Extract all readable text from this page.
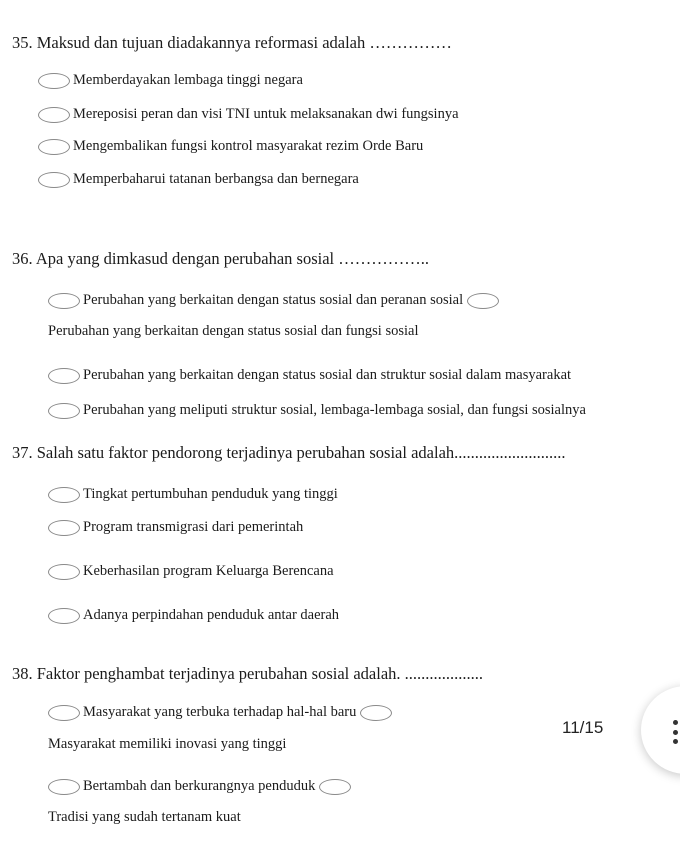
35. Maksud dan tujuan diadakannya reformasi adalah ……………
Memberdayakan lembaga tinggi negara
Mereposisi peran dan visi TNI untuk melaksanakan dwi fungsinya
Mengembalikan fungsi kontrol masyarakat rezim Orde Baru
Memperbaharui tatanan berbangsa dan bernegara
36. Apa yang dimkasud dengan perubahan sosial ……………..
Perubahan yang berkaitan dengan status sosial dan peranan sosial
Perubahan yang berkaitan dengan status sosial dan fungsi sosial
Perubahan yang berkaitan dengan status sosial dan struktur sosial dalam masyarakat
Perubahan yang meliputi struktur sosial, lembaga-lembaga sosial, dan fungsi sosialnya
37. Salah satu faktor pendorong terjadinya perubahan sosial adalah...........................
Tingkat pertumbuhan penduduk yang tinggi
Program transmigrasi dari pemerintah
Keberhasilan program Keluarga Berencana
Adanya perpindahan penduduk antar daerah
38. Faktor penghambat terjadinya perubahan sosial adalah. ...................
Masyarakat yang terbuka terhadap hal-hal baru
Masyarakat memiliki inovasi yang tinggi
Bertambah dan berkurangnya penduduk
Tradisi yang sudah tertanam kuat
11/15
